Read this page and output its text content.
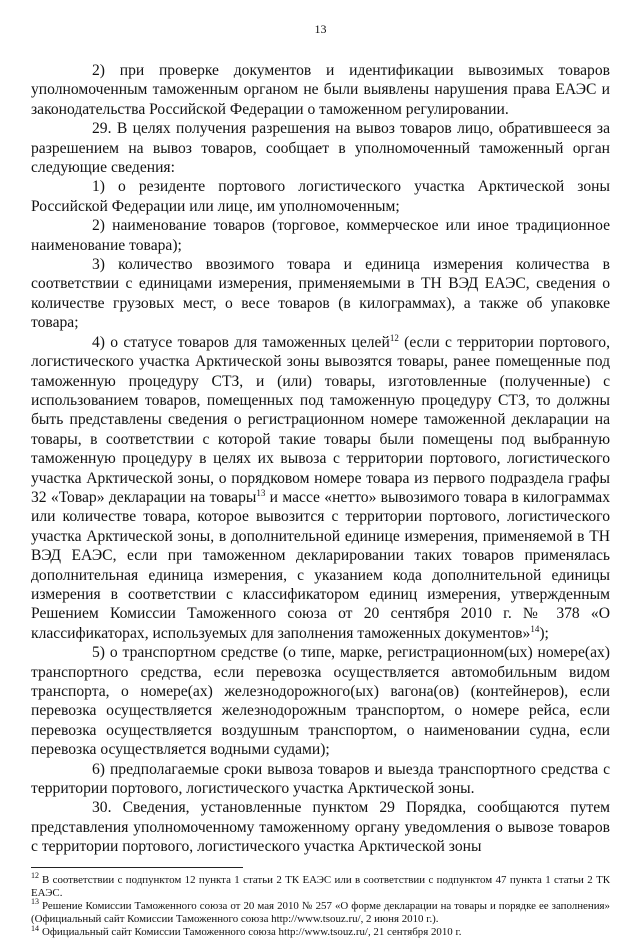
13

2) при проверке документов и идентификации вывозимых товаров уполномоченным таможенным органом не были выявлены нарушения права ЕАЭС и законодательства Российской Федерации о таможенном регулировании.

29. В целях получения разрешения на вывоз товаров лицо, обратившееся за разрешением на вывоз товаров, сообщает в уполномоченный таможенный орган следующие сведения:

1) о резиденте портового логистического участка Арктической зоны Российской Федерации или лице, им уполномоченным;

2) наименование товаров (торговое, коммерческое или иное традиционное наименование товара);

3) количество ввозимого товара и единица измерения количества в соответствии с единицами измерения, применяемыми в ТН ВЭД ЕАЭС, сведения о количестве грузовых мест, о весе товаров (в килограммах), а также об упаковке товара;

4) о статусе товаров для таможенных целей$^{12}$ (если с территории портового, логистического участка Арктической зоны вывозятся товары, ранее помещенные под таможенную процедуру СТЗ, и (или) товары, изготовленные (полученные) с использованием товаров, помещенных под таможенную процедуру СТЗ, то должны быть представлены сведения о регистрационном номере таможенной декларации на товары, в соответствии с которой такие товары были помещены под выбранную таможенную процедуру в целях их вывоза с территории портового, логистического участка Арктической зоны, о порядковом номере товара из первого подраздела графы 32 «Товар» декларации на товары$^{13}$ и массе «нетто» вывозимого товара в килограммах или количестве товара, которое вывозится с территории портового, логистического участка Арктической зоны, в дополнительной единице измерения, применяемой в ТН ВЭД ЕАЭС, если при таможенном декларировании таких товаров применялась дополнительная единица измерения, с указанием кода дополнительной единицы измерения в соответствии с классификатором единиц измерения, утвержденным Решением Комиссии Таможенного союза от 20 сентября 2010 г. № 378 «О классификаторах, используемых для заполнения таможенных документов»$^{14}$);

5) о транспортном средстве (о типе, марке, регистрационном(ых) номере(ах) транспортного средства, если перевозка осуществляется автомобильным видом транспорта, о номере(ах) железнодорожного(ых) вагона(ов) (контейнеров), если перевозка осуществляется железнодорожным транспортом, о номере рейса, если перевозка осуществляется воздушным транспортом, о наименовании судна, если перевозка осуществляется водными судами);

6) предполагаемые сроки вывоза товаров и выезда транспортного средства с территории портового, логистического участка Арктической зоны.

30. Сведения, установленные пунктом 29 Порядка, сообщаются путем представления уполномоченному таможенному органу уведомления о вывозе товаров с территории портового, логистического участка Арктической зоны

$^{12}$ В соответствии с подпунктом 12 пункта 1 статьи 2 ТК ЕАЭС или в соответствии с подпунктом 47 пункта 1 статьи 2 ТК ЕАЭС.

$^{13}$ Решение Комиссии Таможенного союза от 20 мая 2010 № 257 «О форме декларации на товары и порядке ее заполнения» (Официальный сайт Комиссии Таможенного союза http://www.tsouz.ru/, 2 июня 2010 г.).

$^{14}$ Официальный сайт Комиссии Таможенного союза http://www.tsouz.ru/, 21 сентября 2010 г.
